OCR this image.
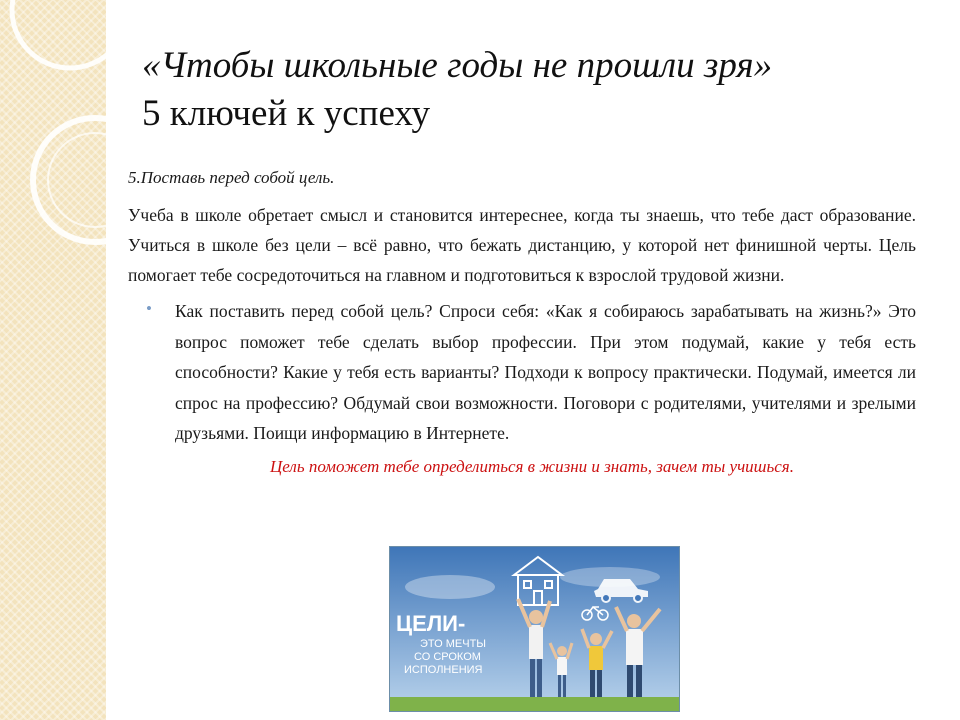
«Чтобы школьные годы не прошли зря»

5 ключей к успеху

5.Поставь перед собой цель.

Учеба в школе обретает смысл и становится интереснее, когда ты знаешь, что тебе даст образование. Учиться в школе без цели – всё равно, что бежать дистанцию, у которой нет финишной черты. Цель помогает тебе сосредоточиться на главном и подготовиться к взрослой трудовой жизни.

• Как поставить перед собой цель? Спроси себя: «Как я собираюсь зарабатывать на жизнь?» Это вопрос поможет тебе сделать выбор профессии. При этом подумай, какие у тебя есть способности? Какие у тебя есть варианты? Подходи к вопросу практически. Подумай, имеется ли спрос на профессию? Обдумай свои возможности. Поговори с родителями, учителями и зрелыми друзьями. Поищи информацию в Интернете.

Цель поможет тебе определиться в жизни и знать, зачем ты учишься.

ЦЕЛИ-
ЭТО МЕЧТЫ
СО СРОКОМ
ИСПОЛНЕНИЯ
